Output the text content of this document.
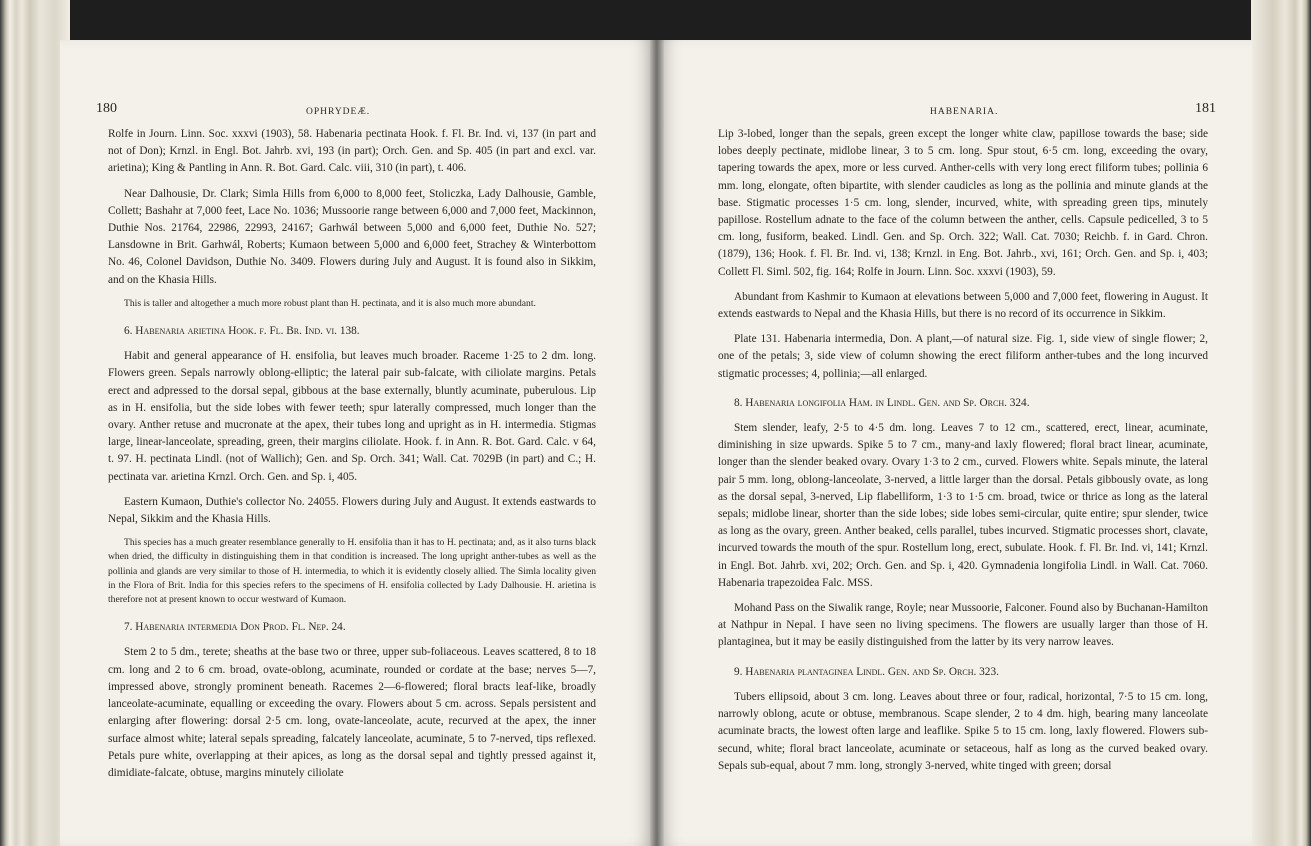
180	OPHRYDEÆ.

Rolfe in Journ. Linn. Soc. xxxvi (1903), 58. Habenaria pectinata Hook. f. Fl. Br. Ind. vi, 137 (in part and not of Don); Krnzl. in Engl. Bot. Jahrb. xvi, 193 (in part); Orch. Gen. and Sp. 405 (in part and excl. var. arietina); King & Pantling in Ann. R. Bot. Gard. Calc. viii, 310 (in part), t. 406.

Near Dalhousie, Dr. Clark; Simla Hills from 6,000 to 8,000 feet, Stoliczka, Lady Dalhousie, Gamble, Collett; Bashahr at 7,000 feet, Lace No. 1036; Mussoorie range between 6,000 and 7,000 feet, Mackinnon, Duthie Nos. 21764, 22986, 22993, 24167; Garhwál between 5,000 and 6,000 feet, Duthie No. 527; Lansdowne in Brit. Garhwál, Roberts; Kumaon between 5,000 and 6,000 feet, Strachey & Winterbottom No. 46, Colonel Davidson, Duthie No. 3409. Flowers during July and August. It is found also in Sikkim, and on the Khasia Hills.

This is taller and altogether a much more robust plant than H. pectinata, and it is also much more abundant.

6. Habenaria arietina Hook. f. Fl. Br. Ind. vi. 138.

Habit and general appearance of H. ensifolia, but leaves much broader. Raceme 1·25 to 2 dm. long. Flowers green. Sepals narrowly oblong-elliptic; the lateral pair sub-falcate, with ciliolate margins. Petals erect and adpressed to the dorsal sepal, gibbous at the base externally, bluntly acuminate, puberulous. Lip as in H. ensifolia, but the side lobes with fewer teeth; spur laterally compressed, much longer than the ovary. Anther retuse and mucronate at the apex, their tubes long and upright as in H. intermedia. Stigmas large, linear-lanceolate, spreading, green, their margins ciliolate. Hook. f. in Ann. R. Bot. Gard. Calc. v 64, t. 97. H. pectinata Lindl. (not of Wallich); Gen. and Sp. Orch. 341; Wall. Cat. 7029B (in part) and C.; H. pectinata var. arietina Krnzl. Orch. Gen. and Sp. i, 405.

Eastern Kumaon, Duthie's collector No. 24055. Flowers during July and August. It extends eastwards to Nepal, Sikkim and the Khasia Hills.

This species has a much greater resemblance generally to H. ensifolia than it has to H. pectinata; and, as it also turns black when dried, the difficulty in distinguishing them in that condition is increased. The long upright anther-tubes as well as the pollinia and glands are very similar to those of H. intermedia, to which it is evidently closely allied. The Simla locality given in the Flora of Brit. India for this species refers to the specimens of H. ensifolia collected by Lady Dalhousie. H. arietina is therefore not at present known to occur westward of Kumaon.

7. Habenaria intermedia Don Prod. Fl. Nep. 24.

Stem 2 to 5 dm., terete; sheaths at the base two or three, upper sub-foliaceous. Leaves scattered, 8 to 18 cm. long and 2 to 6 cm. broad, ovate-oblong, acuminate, rounded or cordate at the base; nerves 5—7, impressed above, strongly prominent beneath. Racemes 2—6-flowered; floral bracts leaf-like, broadly lanceolate-acuminate, equalling or exceeding the ovary. Flowers about 5 cm. across. Sepals persistent and enlarging after flowering: dorsal 2·5 cm. long, ovate-lanceolate, acute, recurved at the apex, the inner surface almost white; lateral sepals spreading, falcately lanceolate, acuminate, 5 to 7-nerved, tips reflexed. Petals pure white, overlapping at their apices, as long as the dorsal sepal and tightly pressed against it, dimidiate-falcate, obtuse, margins minutely ciliolate

HABENARIA.	181

Lip 3-lobed, longer than the sepals, green except the longer white claw, papillose towards the base; side lobes deeply pectinate, midlobe linear, 3 to 5 cm. long. Spur stout, 6·5 cm. long, exceeding the ovary, tapering towards the apex, more or less curved. Anther-cells with very long erect filiform tubes; pollinia 6 mm. long, elongate, often bipartite, with slender caudicles as long as the pollinia and minute glands at the base. Stigmatic processes 1·5 cm. long, slender, incurved, white, with spreading green tips, minutely papillose. Rostellum adnate to the face of the column between the anther, cells. Capsule pedicelled, 3 to 5 cm. long, fusiform, beaked. Lindl. Gen. and Sp. Orch. 322; Wall. Cat. 7030; Reichb. f. in Gard. Chron. (1879), 136; Hook. f. Fl. Br. Ind. vi, 138; Krnzl. in Eng. Bot. Jahrb., xvi, 161; Orch. Gen. and Sp. i, 403; Collett Fl. Siml. 502, fig. 164; Rolfe in Journ. Linn. Soc. xxxvi (1903), 59.

Abundant from Kashmir to Kumaon at elevations between 5,000 and 7,000 feet, flowering in August. It extends eastwards to Nepal and the Khasia Hills, but there is no record of its occurrence in Sikkim.

Plate 131. Habenaria intermedia, Don. A plant,—of natural size. Fig. 1, side view of single flower; 2, one of the petals; 3, side view of column showing the erect filiform anther-tubes and the long incurved stigmatic processes; 4, pollinia;—all enlarged.

8. Habenaria longifolia Ham. in Lindl. Gen. and Sp. Orch. 324.

Stem slender, leafy, 2·5 to 4·5 dm. long. Leaves 7 to 12 cm., scattered, erect, linear, acuminate, diminishing in size upwards. Spike 5 to 7 cm., many-and laxly flowered; floral bract linear, acuminate, longer than the slender beaked ovary. Ovary 1·3 to 2 cm., curved. Flowers white. Sepals minute, the lateral pair 5 mm. long, oblong-lanceolate, 3-nerved, a little larger than the dorsal. Petals gibbously ovate, as long as the dorsal sepal, 3-nerved, Lip flabelliform, 1·3 to 1·5 cm. broad, twice or thrice as long as the lateral sepals; midlobe linear, shorter than the side lobes; side lobes semi-circular, quite entire; spur slender, twice as long as the ovary, green. Anther beaked, cells parallel, tubes incurved. Stigmatic processes short, clavate, incurved towards the mouth of the spur. Rostellum long, erect, subulate. Hook. f. Fl. Br. Ind. vi, 141; Krnzl. in Engl. Bot. Jahrb. xvi, 202; Orch. Gen. and Sp. i, 420. Gymnadenia longifolia Lindl. in Wall. Cat. 7060. Habenaria trapezoidea Falc. MSS.

Mohand Pass on the Siwalik range, Royle; near Mussoorie, Falconer. Found also by Buchanan-Hamilton at Nathpur in Nepal. I have seen no living specimens. The flowers are usually larger than those of H. plantaginea, but it may be easily distinguished from the latter by its very narrow leaves.

9. Habenaria plantaginea Lindl. Gen. and Sp. Orch. 323.

Tubers ellipsoid, about 3 cm. long. Leaves about three or four, radical, horizontal, 7·5 to 15 cm. long, narrowly oblong, acute or obtuse, membranous. Scape slender, 2 to 4 dm. high, bearing many lanceolate acuminate bracts, the lowest often large and leaflike. Spike 5 to 15 cm. long, laxly flowered. Flowers sub-secund, white; floral bract lanceolate, acuminate or setaceous, half as long as the curved beaked ovary. Sepals sub-equal, about 7 mm. long, strongly 3-nerved, white tinged with green; dorsal
